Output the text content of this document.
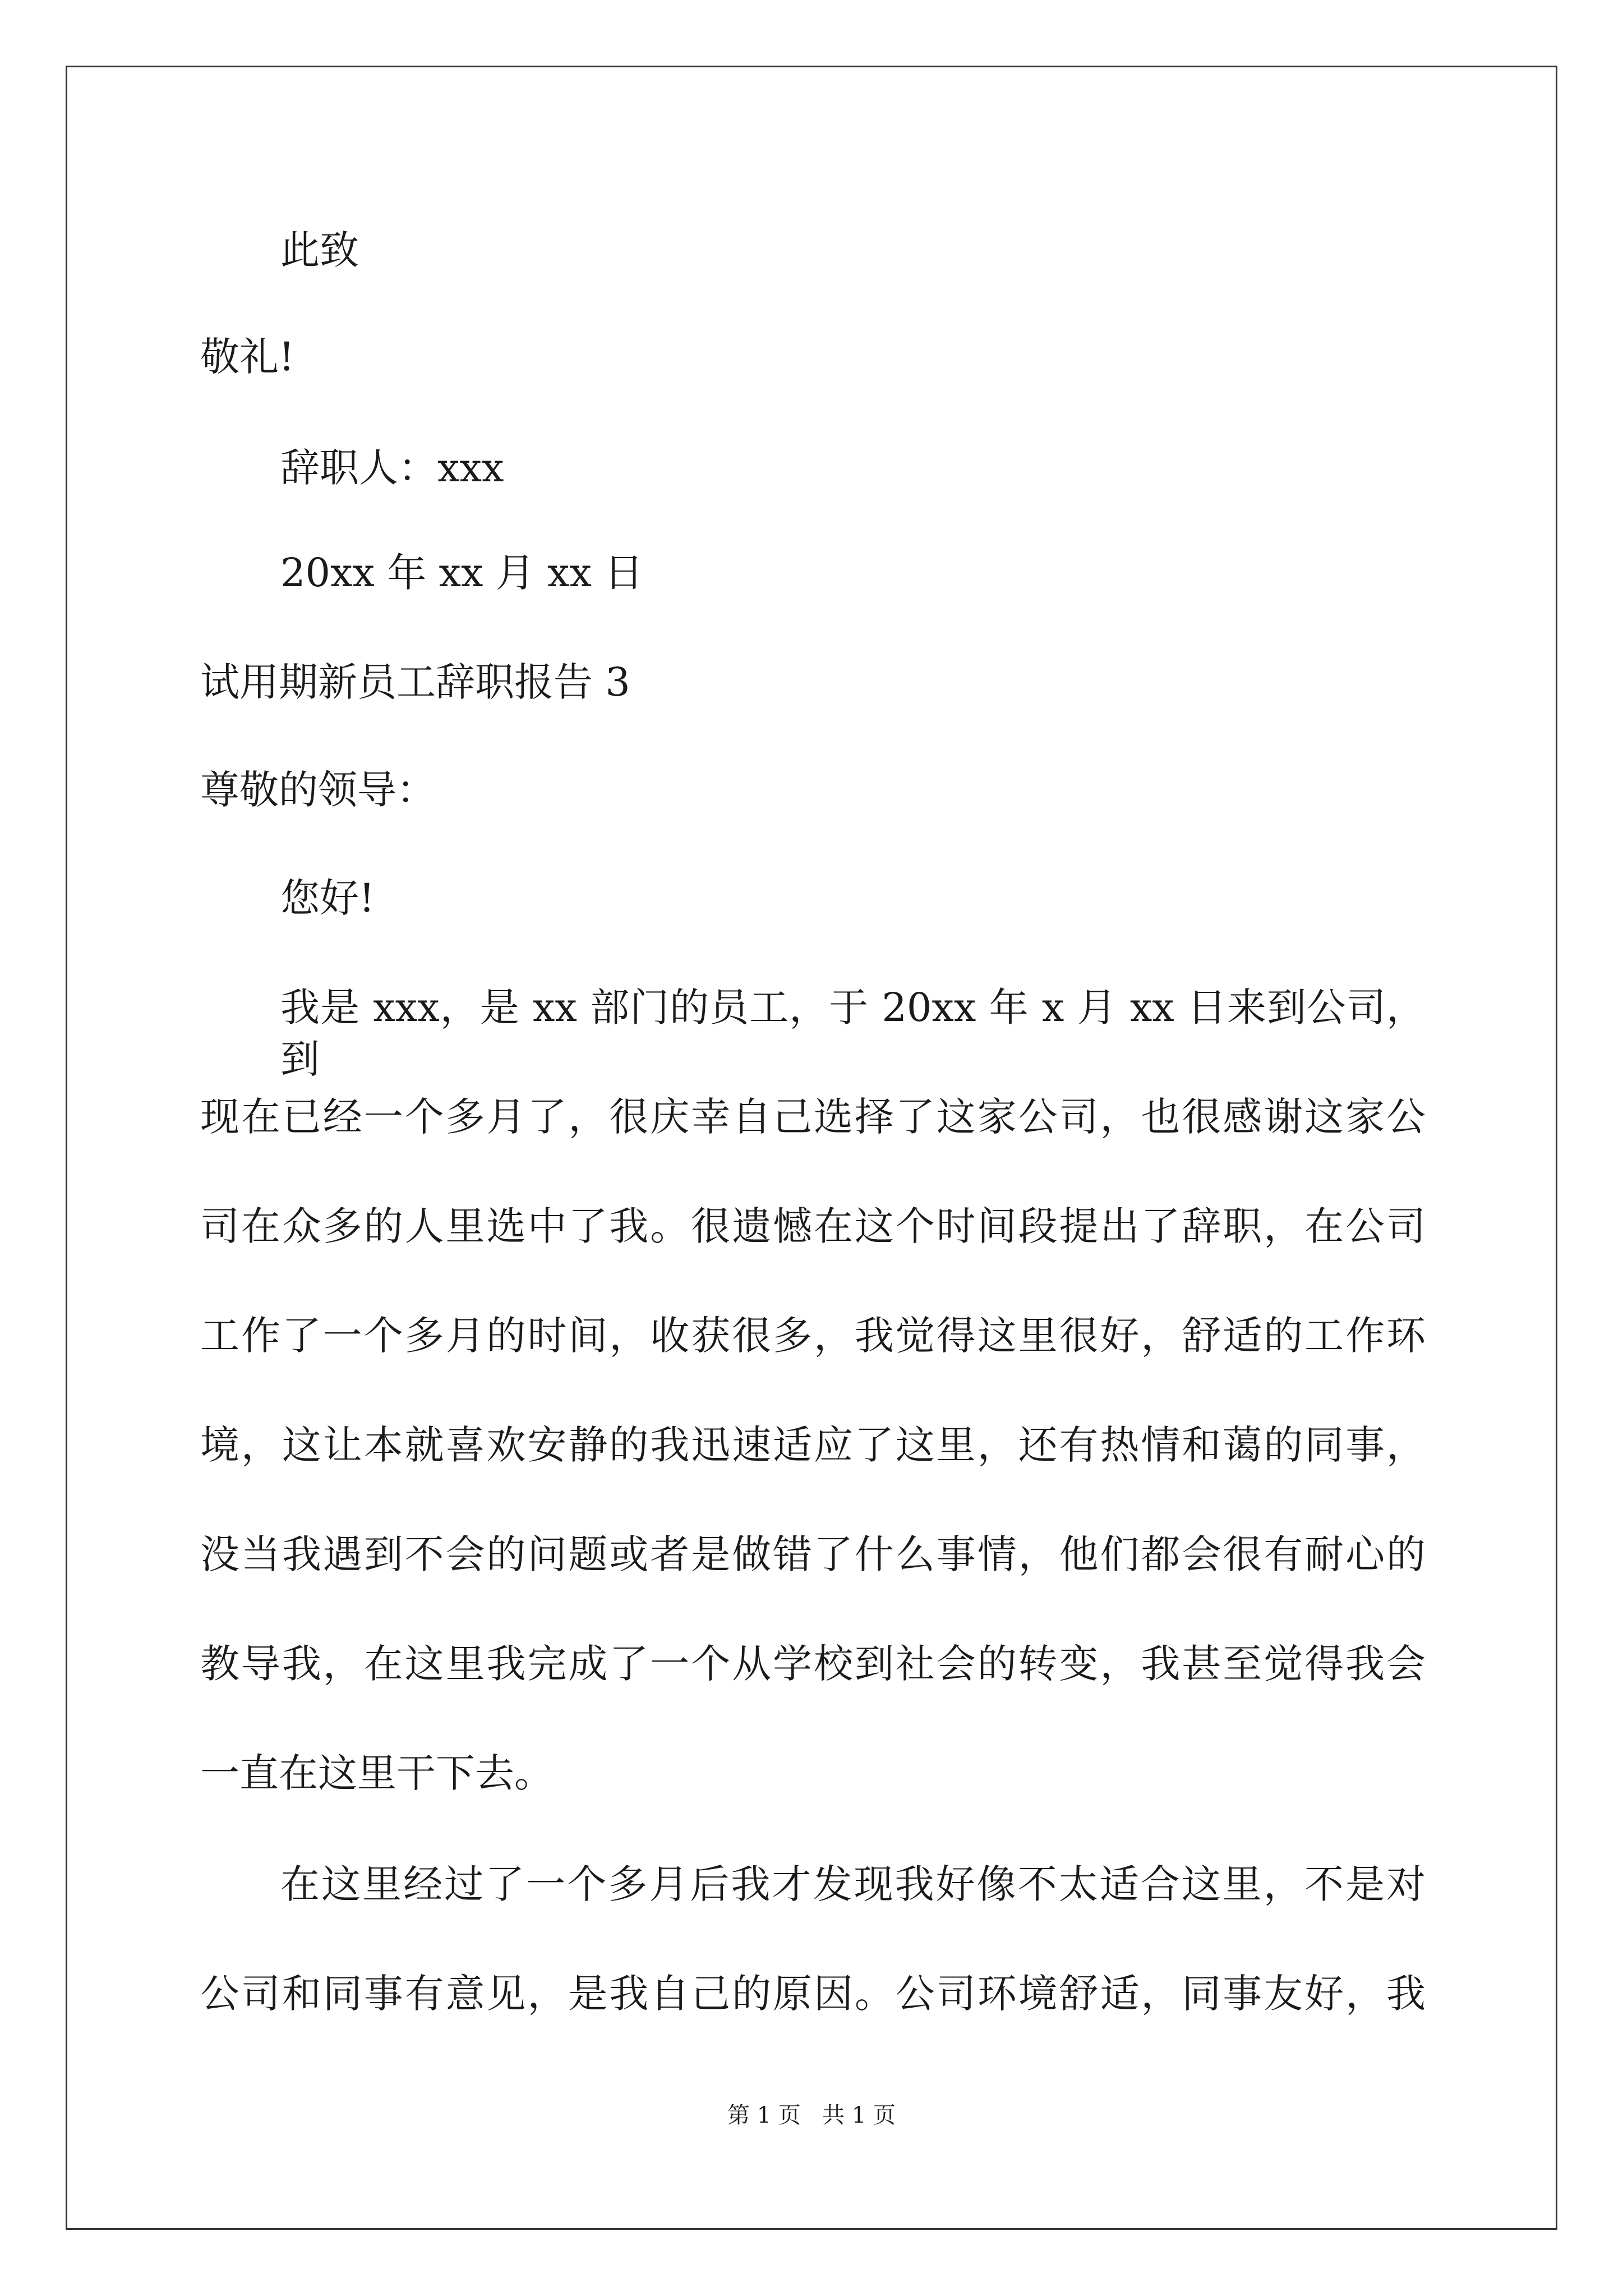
此致
敬礼!
辞职人：xxx
20xx 年 xx 月 xx 日
试用期新员工辞职报告 3
尊敬的领导：
您好!
我是 xxx，是 xx 部门的员工，于 20xx 年 x 月 xx 日来到公司，到
现在已经一个多月了，很庆幸自己选择了这家公司，也很感谢这家公
司在众多的人里选中了我。很遗憾在这个时间段提出了辞职，在公司
工作了一个多月的时间，收获很多，我觉得这里很好，舒适的工作环
境，这让本就喜欢安静的我迅速适应了这里，还有热情和蔼的同事，
没当我遇到不会的问题或者是做错了什么事情，他们都会很有耐心的
教导我，在这里我完成了一个从学校到社会的转变，我甚至觉得我会
一直在这里干下去。
在这里经过了一个多月后我才发现我好像不太适合这里，不是对
公司和同事有意见，是我自己的原因。公司环境舒适，同事友好，我
第 1 页   共 1 页
